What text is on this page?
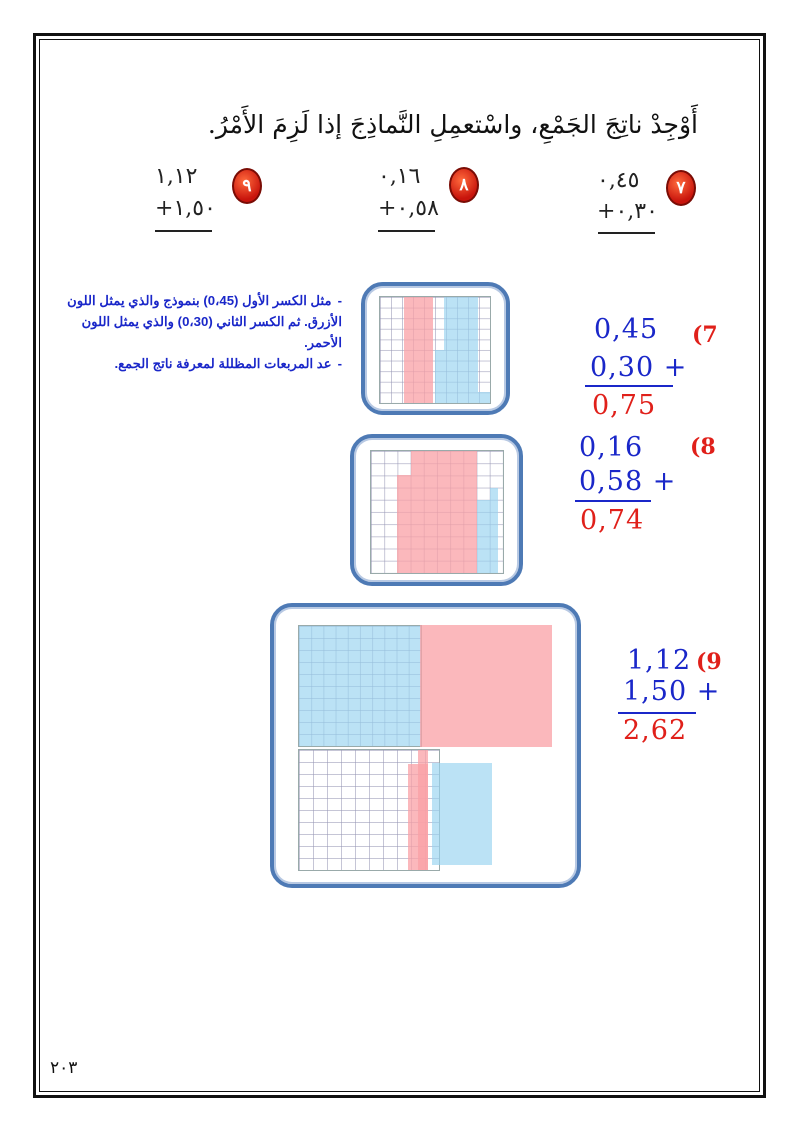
أَوْجِدْ ناتِجَ الجَمْعِ، واسْتعمِلِ النَّماذِجَ إذا لَزِمَ الأَمْرُ.
٧
٠,٤٥
٠,٣٠+
٨
٠,١٦
٠,٥٨+
٩
١,١٢
١,٥٠+

-مثل الكسر الأول (0،45) بنموذج والذي يمثل اللون الأزرق. ثم الكسر الثاني (0،30) والذي يمثل اللون الأحمر.

-عد المربعات المظللة لمعرفة ناتج الجمع.

(7
0,45
0,30 +
0,75
(8
0,16
0,58 +
0,74
(9
1,12
1,50 +
2,62
٢٠٣
